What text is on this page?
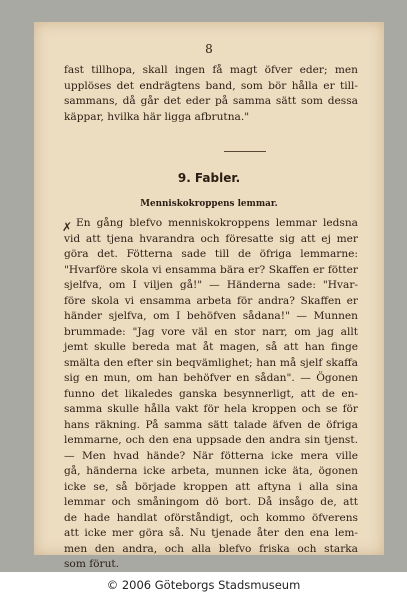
8
fast tillhopa, skall ingen få magt öfver eder; men
upplöses det endrägtens band, som bör hålla er till-
sammans, då går det eder på samma sätt som dessa
käppar, hvilka här ligga afbrutna."
9. Fabler.
Menniskokroppens lemmar.
✗ En gång blefvo menniskokroppens lemmar ledsna
vid att tjena hvarandra och föresatte sig att ej mer
göra det. Fötterna sade till de öfriga lemmarne:
"Hvarföre skola vi ensamma bära er? Skaffen er fötter
sjelfva, om I viljen gå!" — Händerna sade: "Hvar-
före skola vi ensamma arbeta för andra? Skaffen er
händer sjelfva, om I behöfven sådana!" — Munnen
brummade: "Jag vore väl en stor narr, om jag allt
jemt skulle bereda mat åt magen, så att han finge
smälta den efter sin beqvämlighet; han må sjelf skaffa
sig en mun, om han behöfver en sådan". — Ögonen
funno det likaledes ganska besynnerligt, att de en-
samma skulle hålla vakt för hela kroppen och se för
hans räkning. På samma sätt talade äfven de öfriga
lemmarne, och den ena uppsade den andra sin tjenst.
— Men hvad hände? När fötterna icke mera ville
gå, händerna icke arbeta, munnen icke äta, ögonen
icke se, så började kroppen att aftyna i alla sina
lemmar och småningom dö bort. Då insågo de, att
de hade handlat oförståndigt, och kommo öfverens
att icke mer göra så. Nu tjenade åter den ena lem-
men den andra, och alla blefvo friska och starka
som förut.
© 2006 Göteborgs Stadsmuseum
